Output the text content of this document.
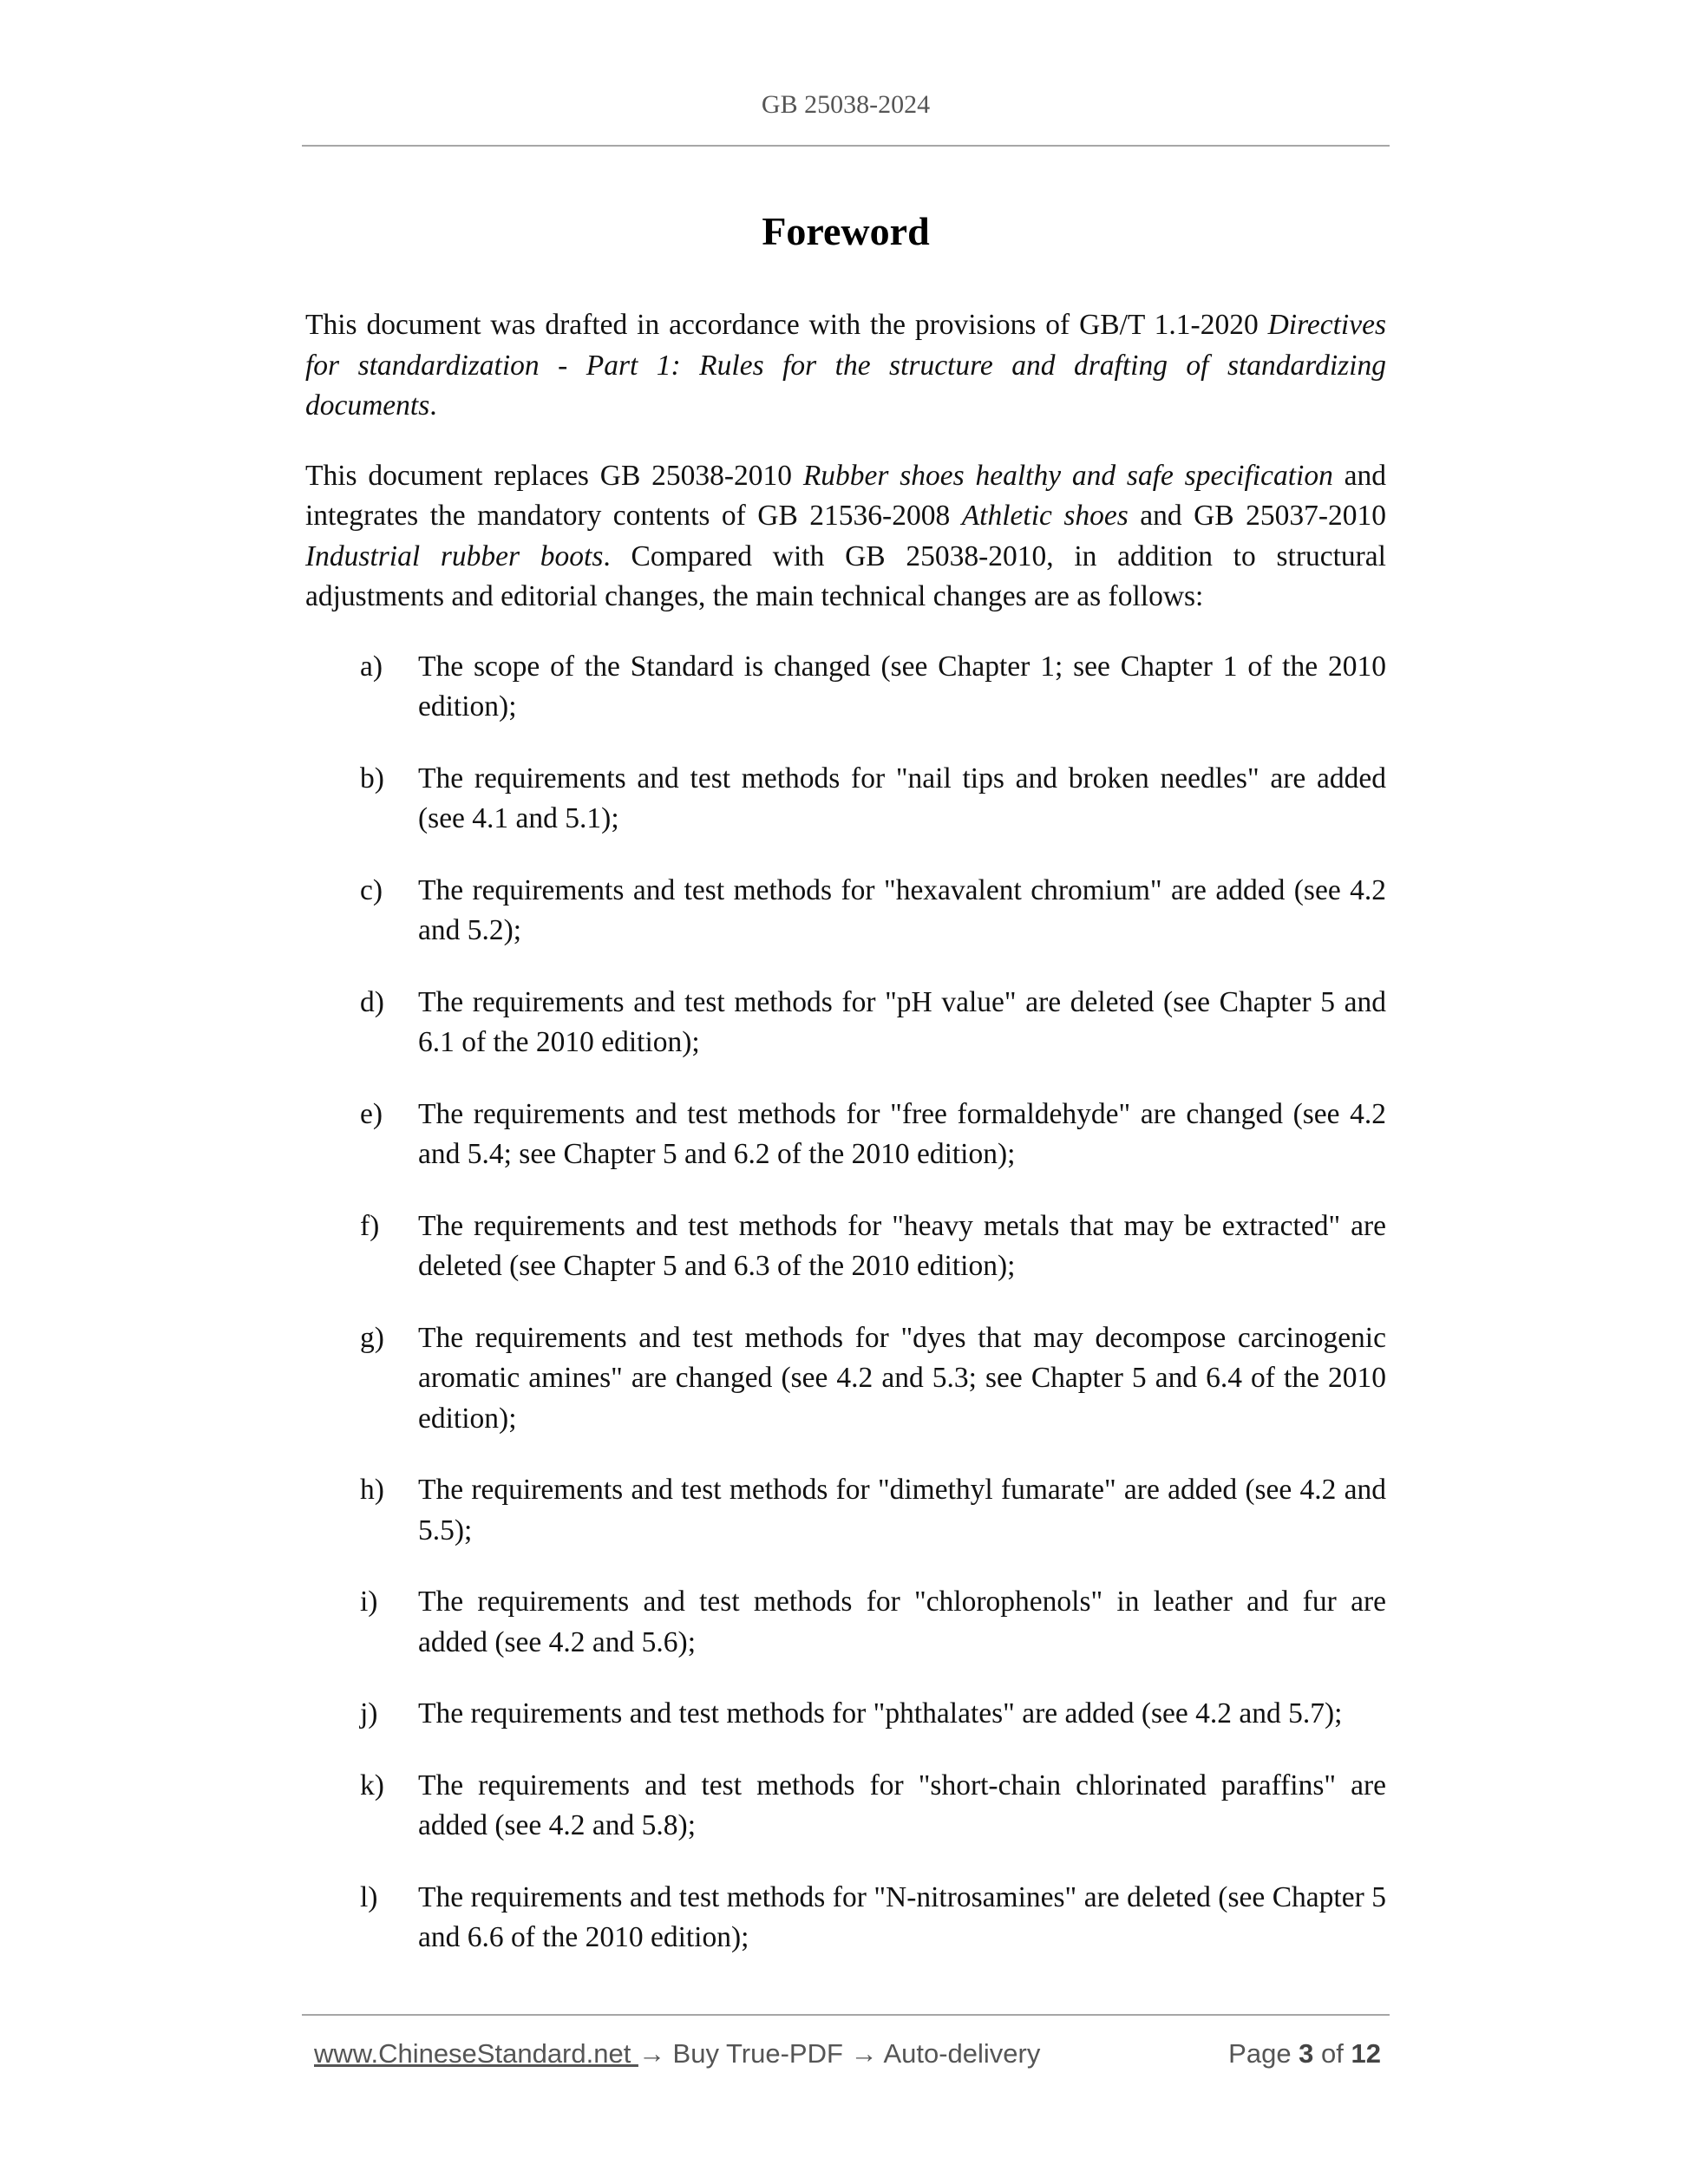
GB 25038-2024
Foreword

This document was drafted in accordance with the provisions of GB/T 1.1-2020 Directives for standardization - Part 1: Rules for the structure and drafting of standardizing documents.

This document replaces GB 25038-2010 Rubber shoes healthy and safe specification and integrates the mandatory contents of GB 21536-2008 Athletic shoes and GB 25037-2010 Industrial rubber boots. Compared with GB 25038-2010, in addition to structural adjustments and editorial changes, the main technical changes are as follows:

a) The scope of the Standard is changed (see Chapter 1; see Chapter 1 of the 2010 edition);
b) The requirements and test methods for "nail tips and broken needles" are added (see 4.1 and 5.1);
c) The requirements and test methods for "hexavalent chromium" are added (see 4.2 and 5.2);
d) The requirements and test methods for "pH value" are deleted (see Chapter 5 and 6.1 of the 2010 edition);
e) The requirements and test methods for "free formaldehyde" are changed (see 4.2 and 5.4; see Chapter 5 and 6.2 of the 2010 edition);
f) The requirements and test methods for "heavy metals that may be extracted" are deleted (see Chapter 5 and 6.3 of the 2010 edition);
g) The requirements and test methods for "dyes that may decompose carcinogenic aromatic amines" are changed (see 4.2 and 5.3; see Chapter 5 and 6.4 of the 2010 edition);
h) The requirements and test methods for "dimethyl fumarate" are added (see 4.2 and 5.5);
i) The requirements and test methods for "chlorophenols" in leather and fur are added (see 4.2 and 5.6);
j) The requirements and test methods for "phthalates" are added (see 4.2 and 5.7);
k) The requirements and test methods for "short-chain chlorinated paraffins" are added (see 4.2 and 5.8);
l) The requirements and test methods for "N-nitrosamines" are deleted (see Chapter 5 and 6.6 of the 2010 edition);
www.ChineseStandard.net → Buy True-PDF → Auto-delivery	Page 3 of 12
